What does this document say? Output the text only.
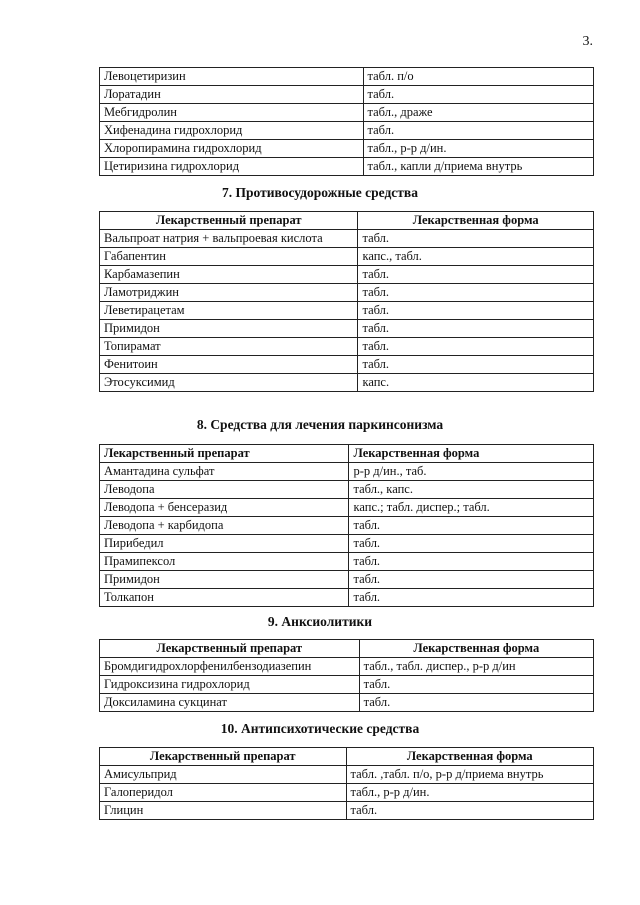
3.
Левоцетиризин	табл. п/о
Лоратадин	табл.
Мебгидролин	табл., драже
Хифенадина гидрохлорид	табл.
Хлоропирамина гидрохлорид	табл., р-р д/ин.
Цетиризина гидрохлорид	табл., капли д/приема внутрь
7. Противосудорожные средства
Лекарственный препарат	Лекарственная форма
Вальпроат натрия + вальпроевая кислота	табл.
Габапентин	капс., табл.
Карбамазепин	табл.
Ламотриджин	табл.
Леветирацетам	табл.
Примидон	табл.
Топирамат	табл.
Фенитоин	табл.
Этосуксимид	капс.
8. Средства для лечения паркинсонизма
Лекарственный препарат	Лекарственная форма
Амантадина сульфат	р-р д/ин., таб.
Леводопа	табл., капс.
Леводопа + бенсеразид	капс.; табл. диспер.; табл.
Леводопа + карбидопа	табл.
Пирибедил	табл.
Прамипексол	табл.
Примидон	табл.
Толкапон	табл.
9. Анксиолитики
Лекарственный препарат	Лекарственная форма
Бромдигидрохлорфенилбензодиазепин	табл., табл. диспер., р-р д/ин
Гидроксизина гидрохлорид	табл.
Доксиламина сукцинат	табл.
10. Антипсихотические средства
Лекарственный препарат	Лекарственная форма
Амисульприд	табл. ,табл. п/о, р-р д/приема внутрь
Галоперидол	табл., р-р д/ин.
Глицин	табл.
